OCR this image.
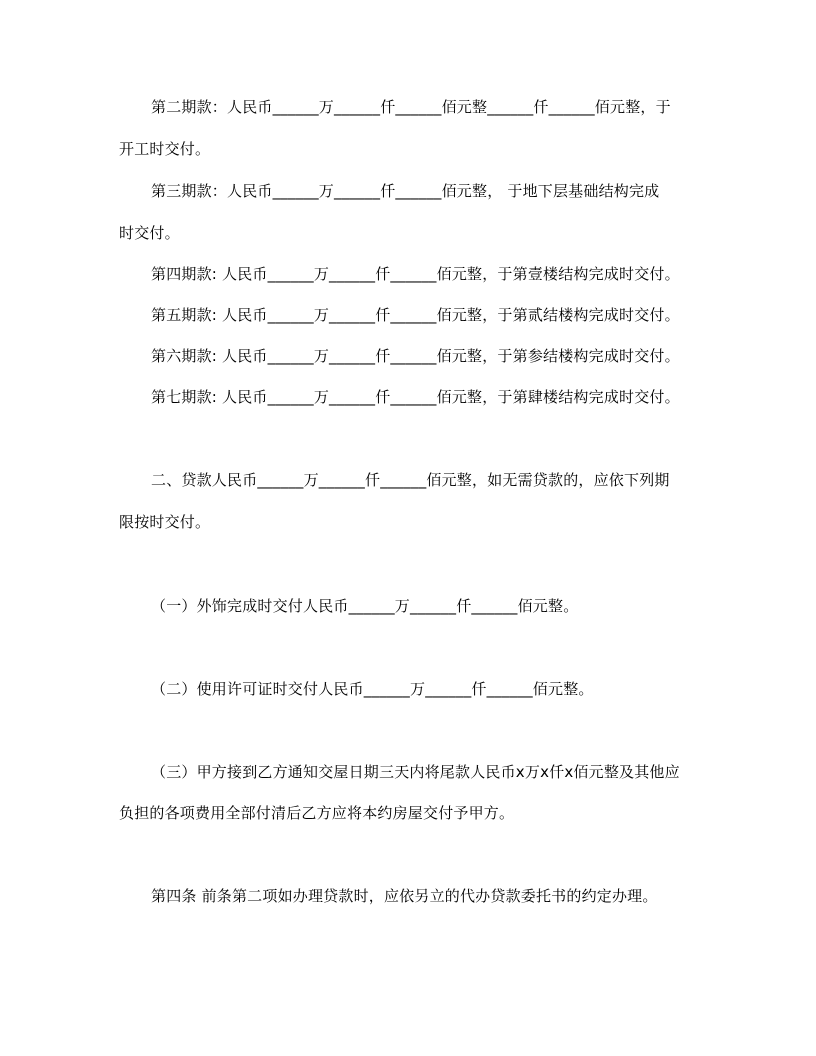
第二期款：人民币______万______仟______佰元整______仟______佰元整，于
开工时交付。
第三期款：人民币______万______仟______佰元整， 于地下层基础结构完成
时交付。
第四期款: 人民币______万______仟______佰元整，于第壹楼结构完成时交付。
第五期款: 人民币______万______仟______佰元整，于第贰结楼构完成时交付。
第六期款: 人民币______万______仟______佰元整，于第参结楼构完成时交付。
第七期款: 人民币______万______仟______佰元整，于第肆楼结构完成时交付。
二、贷款人民币______万______仟______佰元整，如无需贷款的，应依下列期
限按时交付。
（一）外饰完成时交付人民币______万______仟______佰元整。
（二）使用许可证时交付人民币______万______仟______佰元整。
（三）甲方接到乙方通知交屋日期三天内将尾款人民币x万x仟x佰元整及其他应
负担的各项费用全部付清后乙方应将本约房屋交付予甲方。
第四条 前条第二项如办理贷款时，应依另立的代办贷款委托书的约定办理。
